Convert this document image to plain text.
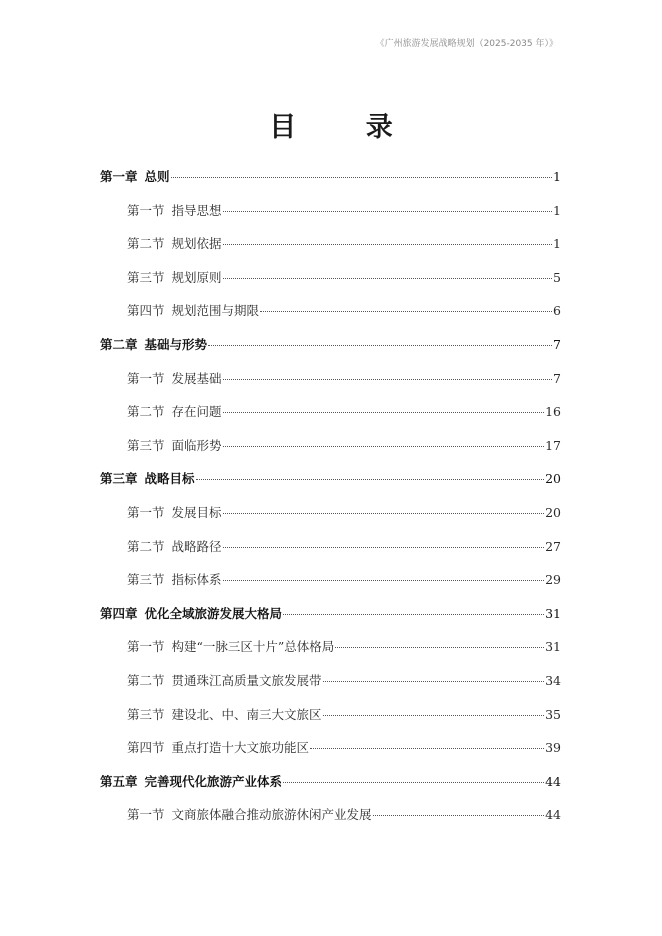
《广州旅游发展战略规划（2025-2035 年）》
目 录
第一章 总则	1
第一节 指导思想	1
第二节 规划依据	1
第三节 规划原则	5
第四节 规划范围与期限	6
第二章 基础与形势	7
第一节 发展基础	7
第二节 存在问题	16
第三节 面临形势	17
第三章 战略目标	20
第一节 发展目标	20
第二节 战略路径	27
第三节 指标体系	29
第四章 优化全域旅游发展大格局	31
第一节 构建“一脉三区十片”总体格局	31
第二节 贯通珠江高质量文旅发展带	34
第三节 建设北、中、南三大文旅区	35
第四节 重点打造十大文旅功能区	39
第五章 完善现代化旅游产业体系	44
第一节 文商旅体融合推动旅游休闲产业发展	44
